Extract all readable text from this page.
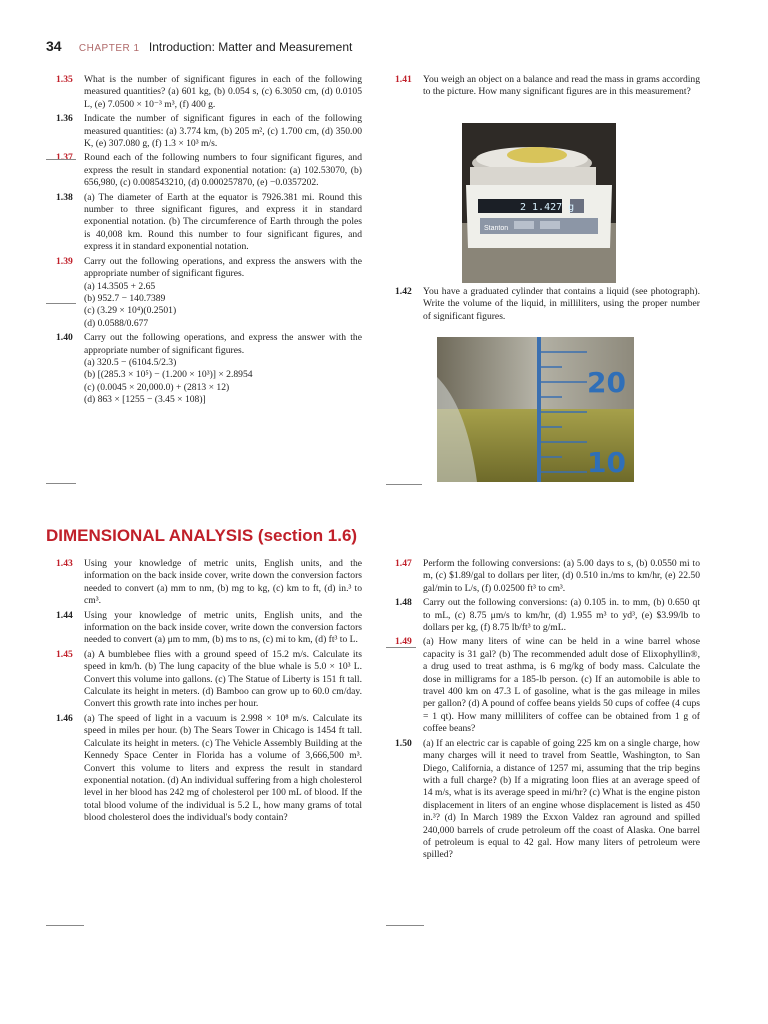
34 CHAPTER 1 Introduction: Matter and Measurement
1.35 What is the number of significant figures in each of the following measured quantities? (a) 601 kg, (b) 0.054 s, (c) 6.3050 cm, (d) 0.0105 L, (e) 7.0500 × 10⁻³ m³, (f) 400 g.
1.36 Indicate the number of significant figures in each of the following measured quantities: (a) 3.774 km, (b) 205 m², (c) 1.700 cm, (d) 350.00 K, (e) 307.080 g, (f) 1.3 × 10³ m/s.
1.37 Round each of the following numbers to four significant figures, and express the result in standard exponential notation: (a) 102.53070, (b) 656,980, (c) 0.008543210, (d) 0.000257870, (e) −0.0357202.
1.38 (a) The diameter of Earth at the equator is 7926.381 mi. Round this number to three significant figures, and express it in standard exponential notation. (b) The circumference of Earth through the poles is 40,008 km. Round this number to four significant figures, and express it in standard exponential notation.
1.39 Carry out the following operations, and express the answers with the appropriate number of significant figures.
(a) 14.3505 + 2.65
(b) 952.7 − 140.7389
(c) (3.29 × 10⁴)(0.2501)
(d) 0.0588/0.677
1.40 Carry out the following operations, and express the answer with the appropriate number of significant figures.
(a) 320.5 − (6104.5/2.3)
(b) [(285.3 × 10⁵) − (1.200 × 10³)] × 2.8954
(c) (0.0045 × 20,000.0) + (2813 × 12)
(d) 863 × [1255 − (3.45 × 108)]
1.41 You weigh an object on a balance and read the mass in grams according to the picture. How many significant figures are in this measurement?
2 1.427 g
Stanton
1.42 You have a graduated cylinder that contains a liquid (see photograph). Write the volume of the liquid, in milliliters, using the proper number of significant figures.
20
10
DIMENSIONAL ANALYSIS (section 1.6)
1.43 Using your knowledge of metric units, English units, and the information on the back inside cover, write down the conversion factors needed to convert (a) mm to nm, (b) mg to kg, (c) km to ft, (d) in.³ to cm³.
1.44 Using your knowledge of metric units, English units, and the information on the back inside cover, write down the conversion factors needed to convert (a) μm to mm, (b) ms to ns, (c) mi to km, (d) ft³ to L.
1.45 (a) A bumblebee flies with a ground speed of 15.2 m/s. Calculate its speed in km/h. (b) The lung capacity of the blue whale is 5.0 × 10³ L. Convert this volume into gallons. (c) The Statue of Liberty is 151 ft tall. Calculate its height in meters. (d) Bamboo can grow up to 60.0 cm/day. Convert this growth rate into inches per hour.
1.46 (a) The speed of light in a vacuum is 2.998 × 10⁸ m/s. Calculate its speed in miles per hour. (b) The Sears Tower in Chicago is 1454 ft tall. Calculate its height in meters. (c) The Vehicle Assembly Building at the Kennedy Space Center in Florida has a volume of 3,666,500 m³. Convert this volume to liters and express the result in standard exponential notation. (d) An individual suffering from a high cholesterol level in her blood has 242 mg of cholesterol per 100 mL of blood. If the total blood volume of the individual is 5.2 L, how many grams of total blood cholesterol does the individual's body contain?
1.47 Perform the following conversions: (a) 5.00 days to s, (b) 0.0550 mi to m, (c) $1.89/gal to dollars per liter, (d) 0.510 in./ms to km/hr, (e) 22.50 gal/min to L/s, (f) 0.02500 ft³ to cm³.
1.48 Carry out the following conversions: (a) 0.105 in. to mm, (b) 0.650 qt to mL, (c) 8.75 μm/s to km/hr, (d) 1.955 m³ to yd³, (e) $3.99/lb to dollars per kg, (f) 8.75 lb/ft³ to g/mL.
1.49 (a) How many liters of wine can be held in a wine barrel whose capacity is 31 gal? (b) The recommended adult dose of Elixophyllin®, a drug used to treat asthma, is 6 mg/kg of body mass. Calculate the dose in milligrams for a 185-lb person. (c) If an automobile is able to travel 400 km on 47.3 L of gasoline, what is the gas mileage in miles per gallon? (d) A pound of coffee beans yields 50 cups of coffee (4 cups = 1 qt). How many milliliters of coffee can be obtained from 1 g of coffee beans?
1.50 (a) If an electric car is capable of going 225 km on a single charge, how many charges will it need to travel from Seattle, Washington, to San Diego, California, a distance of 1257 mi, assuming that the trip begins with a full charge? (b) If a migrating loon flies at an average speed of 14 m/s, what is its average speed in mi/hr? (c) What is the engine piston displacement in liters of an engine whose displacement is listed as 450 in.³? (d) In March 1989 the Exxon Valdez ran aground and spilled 240,000 barrels of crude petroleum off the coast of Alaska. One barrel of petroleum is equal to 42 gal. How many liters of petroleum were spilled?
